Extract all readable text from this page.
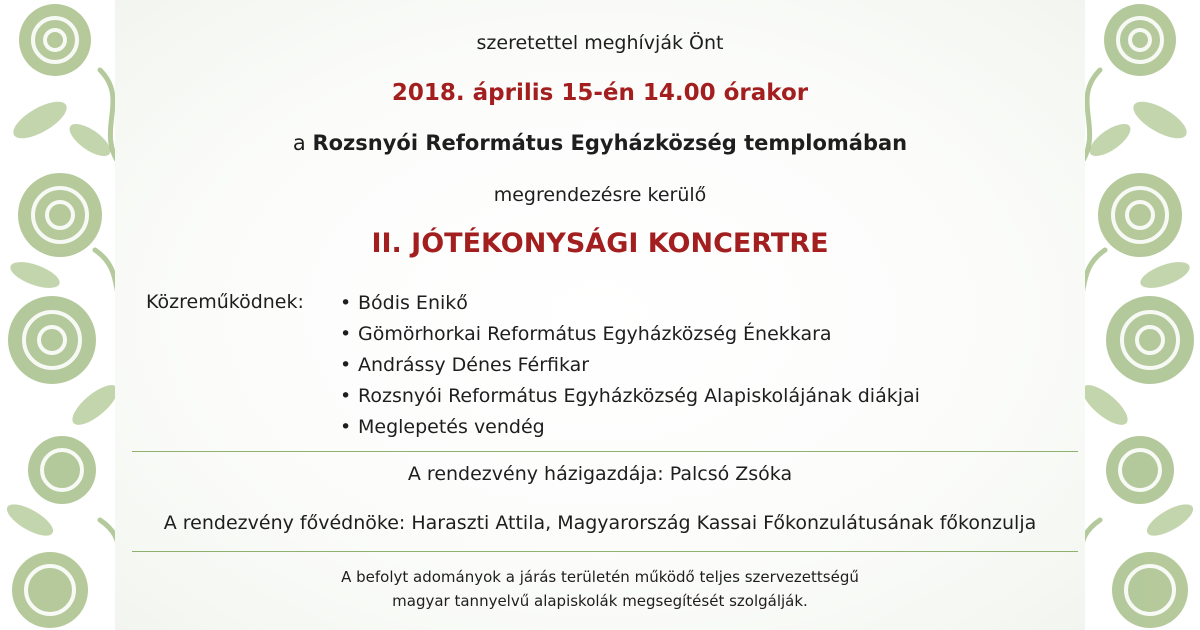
szeretettel meghívják Önt
2018. április 15-én 14.00 órakor
a Rozsnyói Református Egyházközség templomában
megrendezésre kerülő
II. JÓTÉKONYSÁGI KONCERTRE
Közreműködnek:
•	Bódis Enikő
• Gömörhorkai Református Egyházközség Énekkara
• Andrássy Dénes Férfikar
• Rozsnyói Református Egyházközség Alapiskolájának diákjai
• Meglepetés vendég
A rendezvény házigazdája: Palcsó Zsóka
A rendezvény fővédnöke: Haraszti Attila, Magyarország Kassai Főkonzulátusának főkonzulja
A befolyt adományok a járás területén működő teljes szervezettségű
magyar tannyelvű alapiskolák megsegítését szolgálják.
